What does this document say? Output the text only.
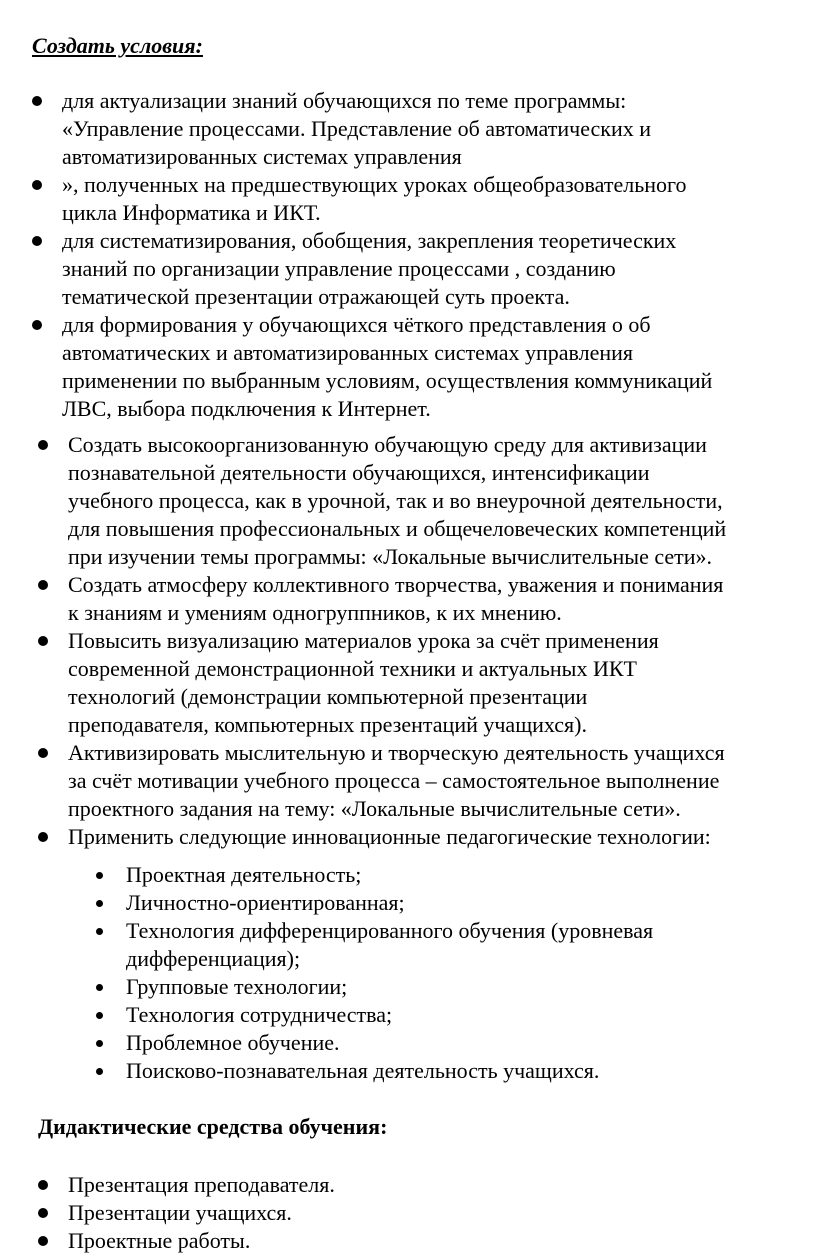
Создать условия:
для актуализации знаний обучающихся по теме программы:
«Управление процессами. Представление об автоматических и
автоматизированных системах управления
», полученных на предшествующих уроках общеобразовательного
цикла Информатика и ИКТ.
для систематизирования, обобщения, закрепления теоретических
знаний по организации управление процессами , созданию
тематической презентации отражающей суть проекта.
для формирования у обучающихся чёткого представления о об
автоматических и автоматизированных системах управления
применении по выбранным условиям, осуществления коммуникаций
ЛВС, выбора подключения к Интернет.
Создать высокоорганизованную обучающую среду для активизации
познавательной деятельности обучающихся, интенсификации
учебного процесса, как в урочной, так и во внеурочной деятельности,
для повышения профессиональных и общечеловеческих компетенций
при изучении темы программы: «Локальные вычислительные сети».
Создать атмосферу коллективного творчества, уважения и понимания
к знаниям и умениям одногруппников, к их мнению.
Повысить визуализацию материалов урока за счёт применения
современной демонстрационной техники и актуальных ИКТ
технологий (демонстрации компьютерной презентации
преподавателя, компьютерных презентаций учащихся).
Активизировать мыслительную и творческую деятельность учащихся
за счёт мотивации учебного процесса – самостоятельное выполнение
проектного задания на тему: «Локальные вычислительные сети».
Применить следующие инновационные педагогические технологии:
Проектная деятельность;
Личностно-ориентированная;
Технология дифференцированного обучения (уровневая
дифференциация);
Групповые технологии;
Технология сотрудничества;
Проблемное обучение.
Поисково-познавательная деятельность учащихся.
Дидактические средства обучения:
Презентация преподавателя.
Презентации учащихся.
Проектные работы.
